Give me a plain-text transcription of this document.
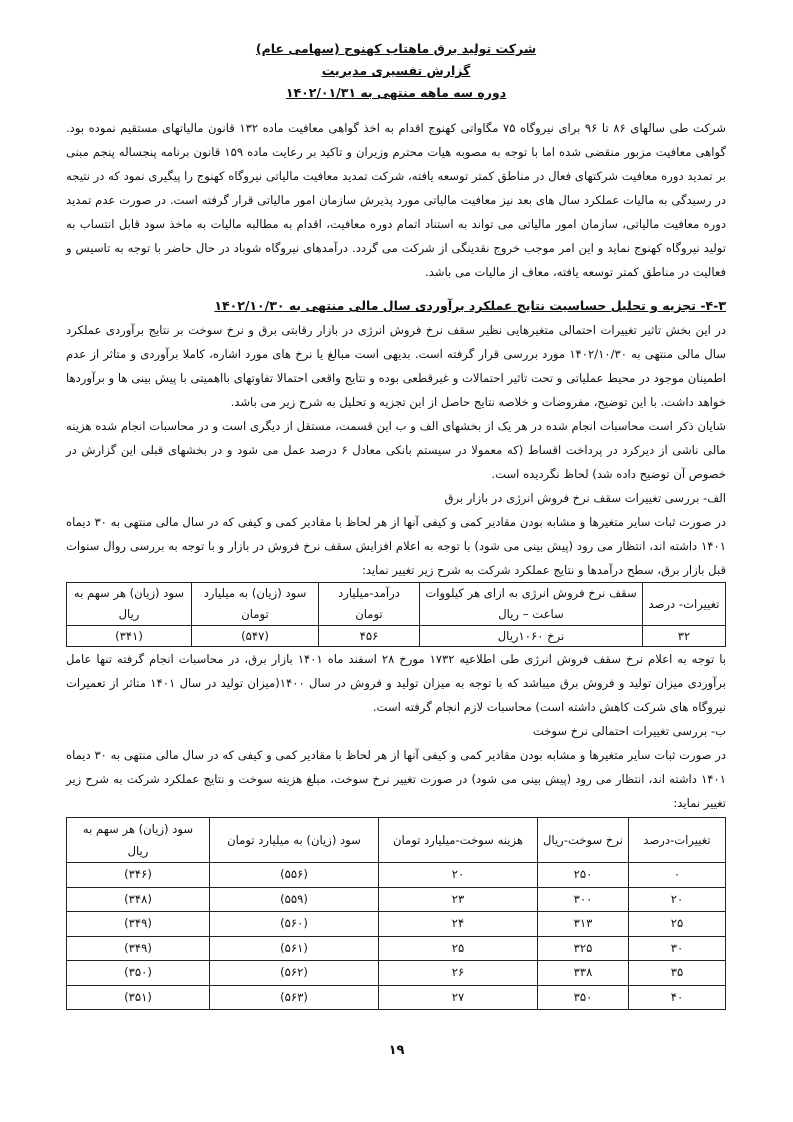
شرکت تولید برق ماهتاب کهنوج (سهامی عام)
گزارش تفسیری مدیریت
دوره سه ماهه منتهی به ۱۴۰۲/۰۱/۳۱

شرکت طی سالهای ۸۶ تا ۹۶ برای نیروگاه ۷۵ مگاواتی کهنوج اقدام به اخذ گواهی معافیت ماده ۱۳۲ قانون مالیاتهای مستقیم نموده بود. گواهی معافیت مزبور منقضی شده اما با توجه به مصوبه هیات محترم وزیران و تاکید بر رعایت ماده ۱۵۹ قانون برنامه پنجساله پنجم مبنی بر تمدید دوره معافیت شرکتهای فعال در مناطق کمتر توسعه یافته، شرکت تمدید معافیت مالیاتی نیروگاه کهنوج را پیگیری نمود که در نتیجه در رسیدگی به مالیات عملکرد سال های بعد نیز معافیت مالیاتی مورد پذیرش سازمان امور مالیاتی قرار گرفته است. در صورت عدم تمدید دوره معافیت مالیاتی، سازمان امور مالیاتی می تواند به استناد اتمام دوره معافیت، اقدام به مطالبه مالیات به ماخذ سود قابل انتساب به تولید نیروگاه کهنوج نماید و این امر موجب خروج نقدینگی از شرکت می گردد. درآمدهای نیروگاه شوباد در حال حاضر با توجه به تاسیس و فعالیت در مناطق کمتر توسعه یافته، معاف از مالیات می باشد.

۴-۳- تجزیه و تحلیل حساسیت نتایج عملکرد برآوردی سال مالی منتهی به ۱۴۰۲/۱۰/۳۰

در این بخش تاثیر تغییرات احتمالی متغیرهایی نظیر سقف نرخ فروش انرژی در بازار رقابتی برق و نرخ سوخت بر نتایج برآوردی عملکرد سال مالی منتهی به ۱۴۰۲/۱۰/۳۰ مورد بررسی قرار گرفته است. بدیهی است مبالغ یا نرخ های مورد اشاره، کاملا برآوردی و متاثر از عدم اطمینان موجود در محیط عملیاتی و تحت تاثیر احتمالات و غیرقطعی بوده و نتایج واقعی احتمالا تفاوتهای بااهمیتی با پیش بینی ها و برآوردها خواهد داشت. با این توضیح، مفروضات و خلاصه نتایج حاصل از این تجزیه و تحلیل به شرح زیر می باشد.

شایان ذکر است محاسبات انجام شده در هر یک از بخشهای الف و ب این قسمت، مستقل از دیگری است و در محاسبات انجام شده هزینه مالی ناشی از دیرکرد در پرداخت اقساط (که معمولا در سیستم بانکی معادل ۶ درصد عمل می شود و در بخشهای قبلی این گزارش در خصوص آن توضیح داده شد) لحاظ نگردیده است.

الف- بررسی تغییرات سقف نرخ فروش انرژی در بازار برق

در صورت ثبات سایر متغیرها و مشابه بودن مقادیر کمی و کیفی آنها از هر لحاظ با مقادیر کمی و کیفی که در سال مالی منتهی به ۳۰ دیماه ۱۴۰۱ داشته اند، انتظار می رود (پیش بینی می شود) با توجه به اعلام افزایش سقف نرخ فروش در بازار و با توجه به بررسی روال سنوات قبل بازار برق، سطح درآمدها و نتایج عملکرد شرکت به شرح زیر تغییر نماید:

تغییرات- درصد	سقف نرخ فروش انرژی به ازای هر کیلووات ساعت – ریال	درآمد-میلیارد تومان	سود (زیان) به میلیارد تومان	سود (زیان) هر سهم به ریال
۳۲	نرخ ۱۰۶۰ریال	۴۵۶	(۵۴۷)	(۳۴۱)

با توجه به اعلام نرخ سقف فروش انرژی طی اطلاعیه ۱۷۳۲ مورخ ۲۸ اسفند ماه ۱۴۰۱ بازار برق، در محاسبات انجام گرفته تنها عامل برآوردی میزان تولید و فروش برق میباشد که با توجه به میزان تولید و فروش در سال ۱۴۰۰(میزان تولید در سال ۱۴۰۱ متاثر از تعمیرات نیروگاه های شرکت کاهش داشته است) محاسبات لازم انجام گرفته است.

ب- بررسی تغییرات احتمالی نرخ سوخت

در صورت ثبات سایر متغیرها و مشابه بودن مقادیر کمی و کیفی آنها از هر لحاظ با مقادیر کمی و کیفی که در سال مالی منتهی به ۳۰ دیماه ۱۴۰۱ داشته اند، انتظار می رود (پیش بینی می شود) در صورت تغییر نرخ سوخت، مبلغ هزینه سوخت و نتایج عملکرد شرکت به شرح زیر تغییر نماید:

تغییرات-درصد	نرخ سوخت-ریال	هزینه سوخت-میلیارد تومان	سود (زیان) به میلیارد تومان	سود (زیان) هر سهم به ریال
۰	۲۵۰	۲۰	(۵۵۶)	(۳۴۶)
۲۰	۳۰۰	۲۳	(۵۵۹)	(۳۴۸)
۲۵	۳۱۳	۲۴	(۵۶۰)	(۳۴۹)
۳۰	۳۲۵	۲۵	(۵۶۱)	(۳۴۹)
۳۵	۳۳۸	۲۶	(۵۶۲)	(۳۵۰)
۴۰	۳۵۰	۲۷	(۵۶۳)	(۳۵۱)
۱۹
